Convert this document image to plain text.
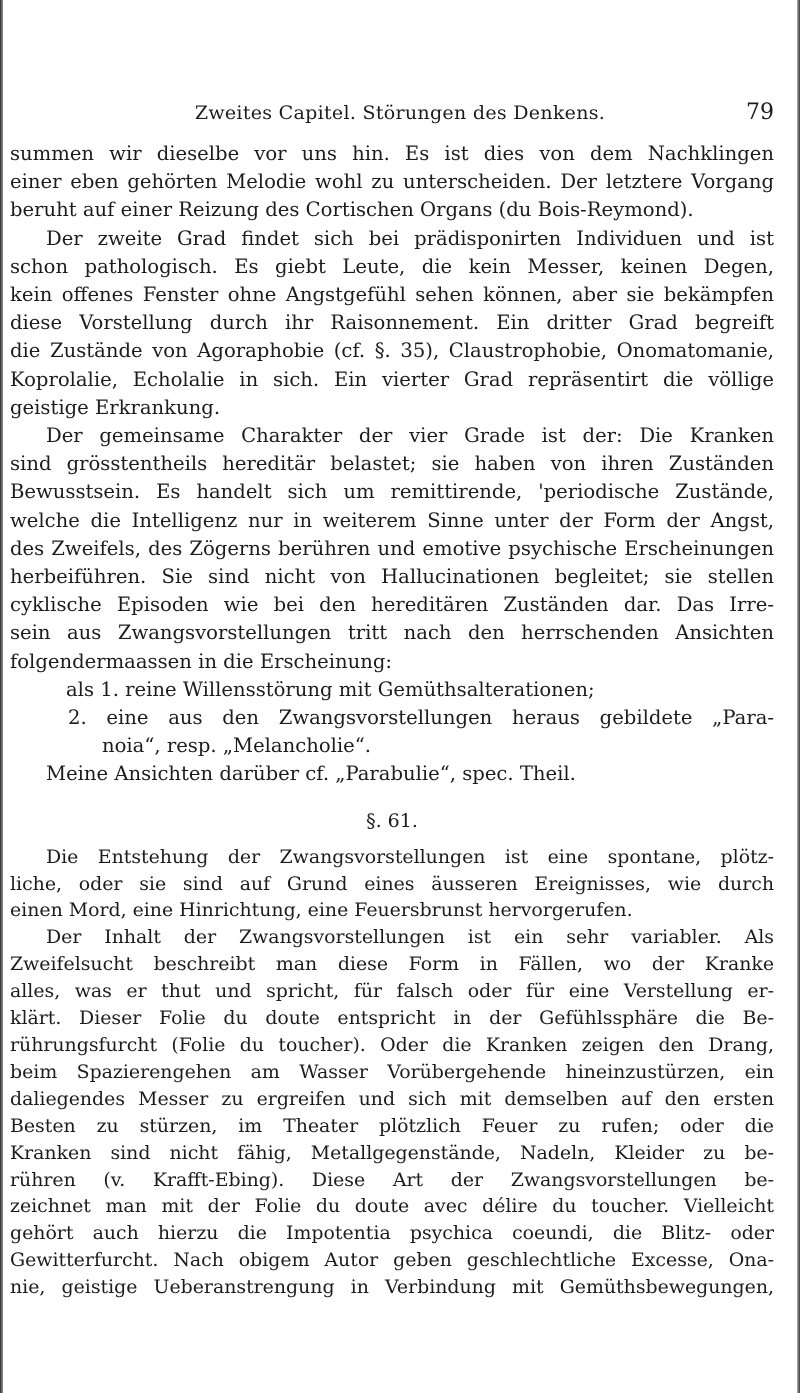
Zweites Capitel. Störungen des Denkens.	79
summen wir dieselbe vor uns hin. Es ist dies von dem Nachklingen
einer eben gehörten Melodie wohl zu unterscheiden. Der letztere Vorgang
beruht auf einer Reizung des Cortischen Organs (du Bois-Reymond).
Der zweite Grad findet sich bei prädisponirten Individuen und ist
schon pathologisch. Es giebt Leute, die kein Messer, keinen Degen,
kein offenes Fenster ohne Angstgefühl sehen können, aber sie bekämpfen
diese Vorstellung durch ihr Raisonnement. Ein dritter Grad begreift
die Zustände von Agoraphobie (cf. §. 35), Claustrophobie, Onomatomanie,
Koprolalie, Echolalie in sich. Ein vierter Grad repräsentirt die völlige
geistige Erkrankung.
Der gemeinsame Charakter der vier Grade ist der: Die Kranken
sind grösstentheils hereditär belastet; sie haben von ihren Zuständen
Bewusstsein. Es handelt sich um remittirende, 'periodische Zustände,
welche die Intelligenz nur in weiterem Sinne unter der Form der Angst,
des Zweifels, des Zögerns berühren und emotive psychische Erscheinungen
herbeiführen. Sie sind nicht von Hallucinationen begleitet; sie stellen
cyklische Episoden wie bei den hereditären Zuständen dar. Das Irre-
sein aus Zwangsvorstellungen tritt nach den herrschenden Ansichten
folgendermaassen in die Erscheinung:
als 1. reine Willensstörung mit Gemüthsalterationen;
2. eine aus den Zwangsvorstellungen heraus gebildete „Para-
noia“, resp. „Melancholie“.
Meine Ansichten darüber cf. „Parabulie“, spec. Theil.
§. 61.
Die Entstehung der Zwangsvorstellungen ist eine spontane, plötz-
liche, oder sie sind auf Grund eines äusseren Ereignisses, wie durch
einen Mord, eine Hinrichtung, eine Feuersbrunst hervorgerufen.
Der Inhalt der Zwangsvorstellungen ist ein sehr variabler. Als
Zweifelsucht beschreibt man diese Form in Fällen, wo der Kranke
alles, was er thut und spricht, für falsch oder für eine Verstellung er-
klärt. Dieser Folie du doute entspricht in der Gefühlssphäre die Be-
rührungsfurcht (Folie du toucher). Oder die Kranken zeigen den Drang,
beim Spazierengehen am Wasser Vorübergehende hineinzustürzen, ein
daliegendes Messer zu ergreifen und sich mit demselben auf den ersten
Besten zu stürzen, im Theater plötzlich Feuer zu rufen; oder die
Kranken sind nicht fähig, Metallgegenstände, Nadeln, Kleider zu be-
rühren (v. Krafft-Ebing). Diese Art der Zwangsvorstellungen be-
zeichnet man mit der Folie du doute avec délire du toucher. Vielleicht
gehört auch hierzu die Impotentia psychica coeundi, die Blitz- oder
Gewitterfurcht. Nach obigem Autor geben geschlechtliche Excesse, Ona-
nie, geistige Ueberanstrengung in Verbindung mit Gemüthsbewegungen,
